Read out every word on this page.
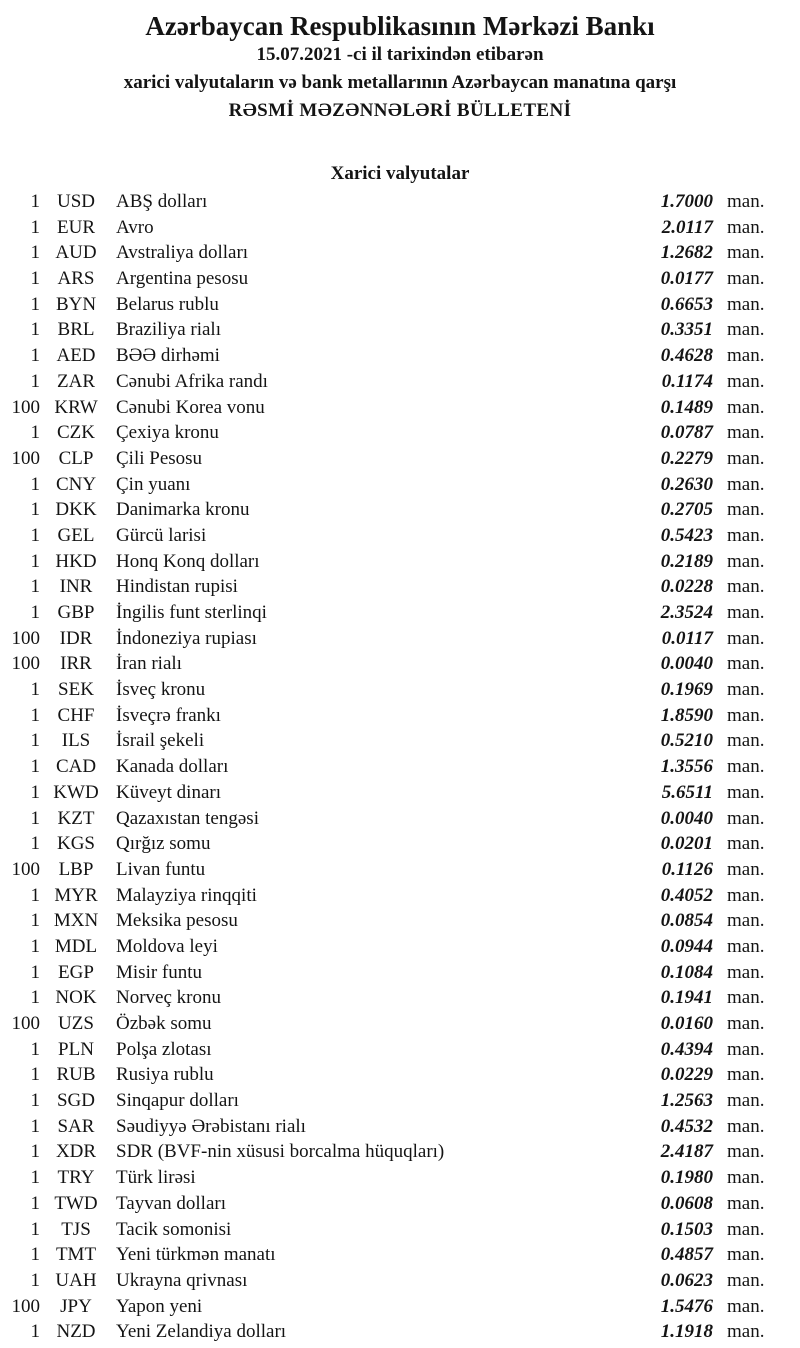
Azərbaycan Respublikasının Mərkəzi Bankı
15.07.2021 -ci il tarixindən etibarən
xarici valyutaların və bank metallarının Azərbaycan manatına qarşı
RƏSMİ MƏZƏNNƏLƏRİ BÜLLETENİ
Xarici valyutalar
1 USD	ABŞ dolları	1.7000 man.
1 EUR	Avro	2.0117 man.
1 AUD	Avstraliya dolları	1.2682 man.
1 ARS	Argentina pesosu	0.0177 man.
1 BYN	Belarus rublu	0.6653 man.
1 BRL	Braziliya rialı	0.3351 man.
1 AED	BƏƏ dirhəmi	0.4628 man.
1 ZAR	Cənubi Afrika randı	0.1174 man.
100 KRW Cənubi Korea vonu	0.1489 man.
1 CZK	Çexiya kronu	0.0787 man.
100 CLP	Çili Pesosu	0.2279 man.
1 CNY	Çin yuanı	0.2630 man.
1 DKK	Danimarka kronu	0.2705 man.
1 GEL	Gürcü larisi	0.5423 man.
1 HKD	Honq Konq dolları	0.2189 man.
1	INR	Hindistan rupisi	0.0228 man.
1 GBP	İngilis funt sterlinqi	2.3524 man.
100	IDR	İndoneziya rupiası	0.0117 man.
100	IRR	İran rialı	0.0040 man.
1 SEK	İsveç kronu	0.1969 man.
1 CHF	İsveçrə frankı	1.8590 man.
1	ILS	İsrail şekeli	0.5210 man.
1 CAD	Kanada dolları	1.3556 man.
1 KWD Küveyt dinarı	5.6511 man.
1 KZT	Qazaxıstan tengəsi	0.0040 man.
1 KGS	Qırğız somu	0.0201 man.
100 LBP	Livan funtu	0.1126 man.
1 MYR Malayziya rinqqiti	0.4052 man.
1 MXN Meksika pesosu	0.0854 man.
1 MDL Moldova leyi	0.0944 man.
1 EGP	Misir funtu	0.1084 man.
1 NOK	Norveç kronu	0.1941 man.
100 UZS	Özbək somu	0.0160 man.
1 PLN	Polşa zlotası	0.4394 man.
1 RUB	Rusiya rublu	0.0229 man.
1 SGD	Sinqapur dolları	1.2563 man.
1 SAR	Səudiyyə Ərəbistanı rialı	0.4532 man.
1 XDR	SDR (BVF-nin xüsusi borcalma hüquqları)	2.4187 man.
1 TRY	Türk lirəsi	0.1980 man.
1 TWD Tayvan dolları	0.0608 man.
1	TJS	Tacik somonisi	0.1503 man.
1 TMT	Yeni türkmən manatı	0.4857 man.
1 UAH	Ukrayna qrivnası	0.0623 man.
100	JPY	Yapon yeni	1.5476 man.
1 NZD	Yeni Zelandiya dolları	1.1918 man.
